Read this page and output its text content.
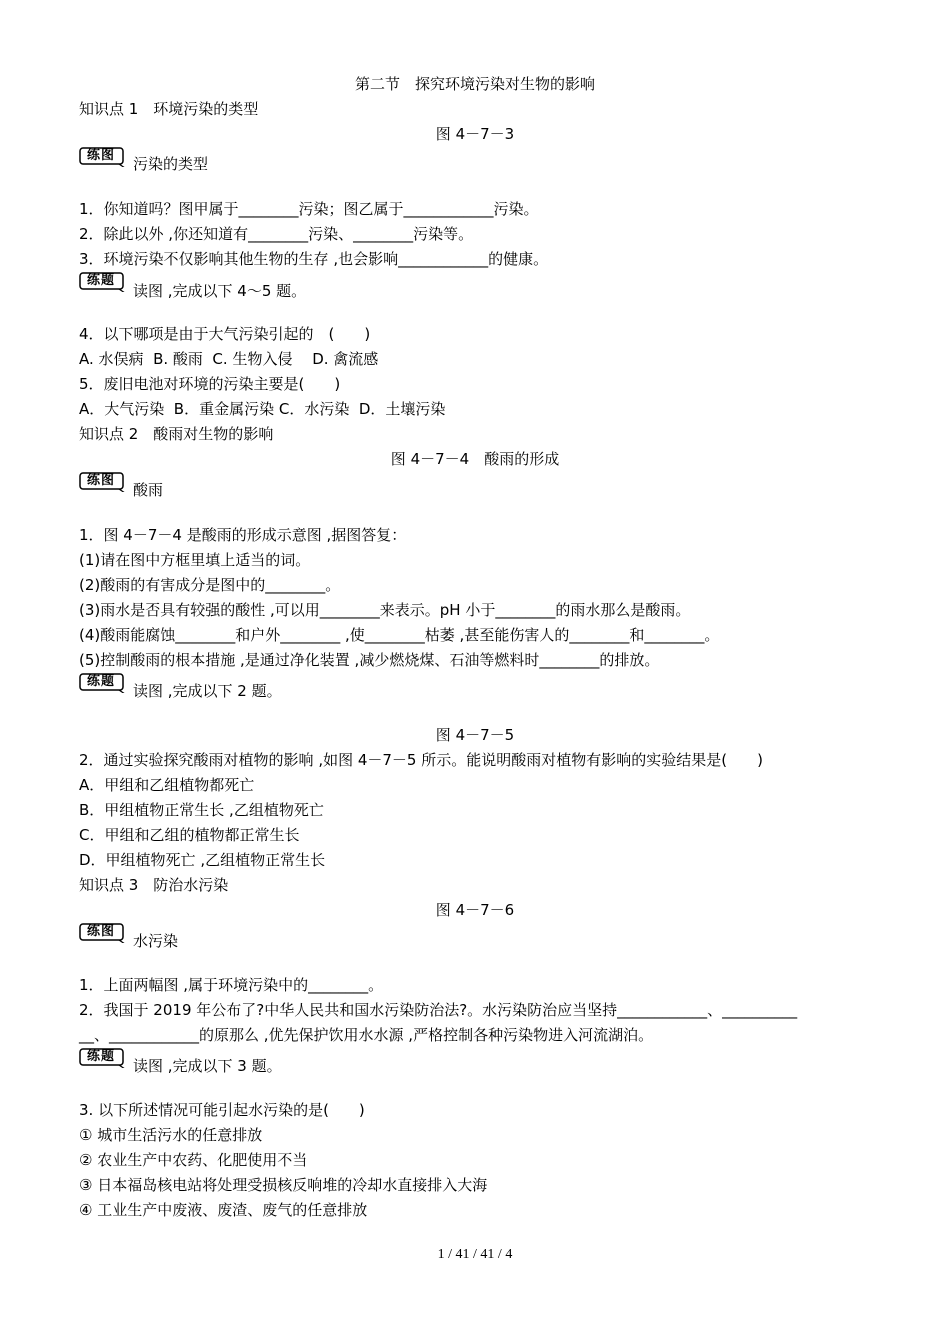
第二节　探究环境污染对生物的影响
知识点 1　环境污染的类型
图 4－7－3
练图	污染的类型
1．你知道吗？图甲属于________污染；图乙属于____________污染。
2．除此以外 ,你还知道有________污染、________污染等。
3．环境污染不仅影响其他生物的生存 ,也会影响____________的健康。
练题
读图 ,完成以下 4～5 题。
4．以下哪项是由于大气污染引起的　(　　)
A. 水俣病  B. 酸雨  C. 生物入侵　 D. 禽流感
5．废旧电池对环境的污染主要是(　　)
A．大气污染  B．重金属污染 C．水污染  D．土壤污染
知识点 2　酸雨对生物的影响
图 4－7－4　酸雨的形成
练图
酸雨
1．图 4－7－4 是酸雨的形成示意图 ,据图答复：
(1)请在图中方框里填上适当的词。
(2)酸雨的有害成分是图中的________。
(3)雨水是否具有较强的酸性 ,可以用________来表示。pH 小于________的雨水那么是酸雨。
(4)酸雨能腐蚀________和户外________ ,使________枯萎 ,甚至能伤害人的________和________。
(5)控制酸雨的根本措施 ,是通过净化装置 ,减少燃烧煤、石油等燃料时________的排放。
练题
读图 ,完成以下 2 题。
图 4－7－5
2．通过实验探究酸雨对植物的影响 ,如图 4－7－5 所示。能说明酸雨对植物有影响的实验结果是(　　)
A．甲组和乙组植物都死亡
B．甲组植物正常生长 ,乙组植物死亡
C．甲组和乙组的植物都正常生长
D．甲组植物死亡 ,乙组植物正常生长
知识点 3　防治水污染
图 4－7－6
练图
水污染
1．上面两幅图 ,属于环境污染中的________。
2．我国于 2019 年公布了?中华人民共和国水污染防治法?。水污染防治应当坚持____________、__________
__、____________的原那么 ,优先保护饮用水水源 ,严格控制各种污染物进入河流湖泊。
练题
读图 ,完成以下 3 题。
3. 以下所述情况可能引起水污染的是(　　)
① 城市生活污水的任意排放
② 农业生产中农药、化肥使用不当
③ 日本福岛核电站将处理受损核反响堆的冷却水直接排入大海
④ 工业生产中废液、废渣、废气的任意排放
1 / 41 / 41 / 4
